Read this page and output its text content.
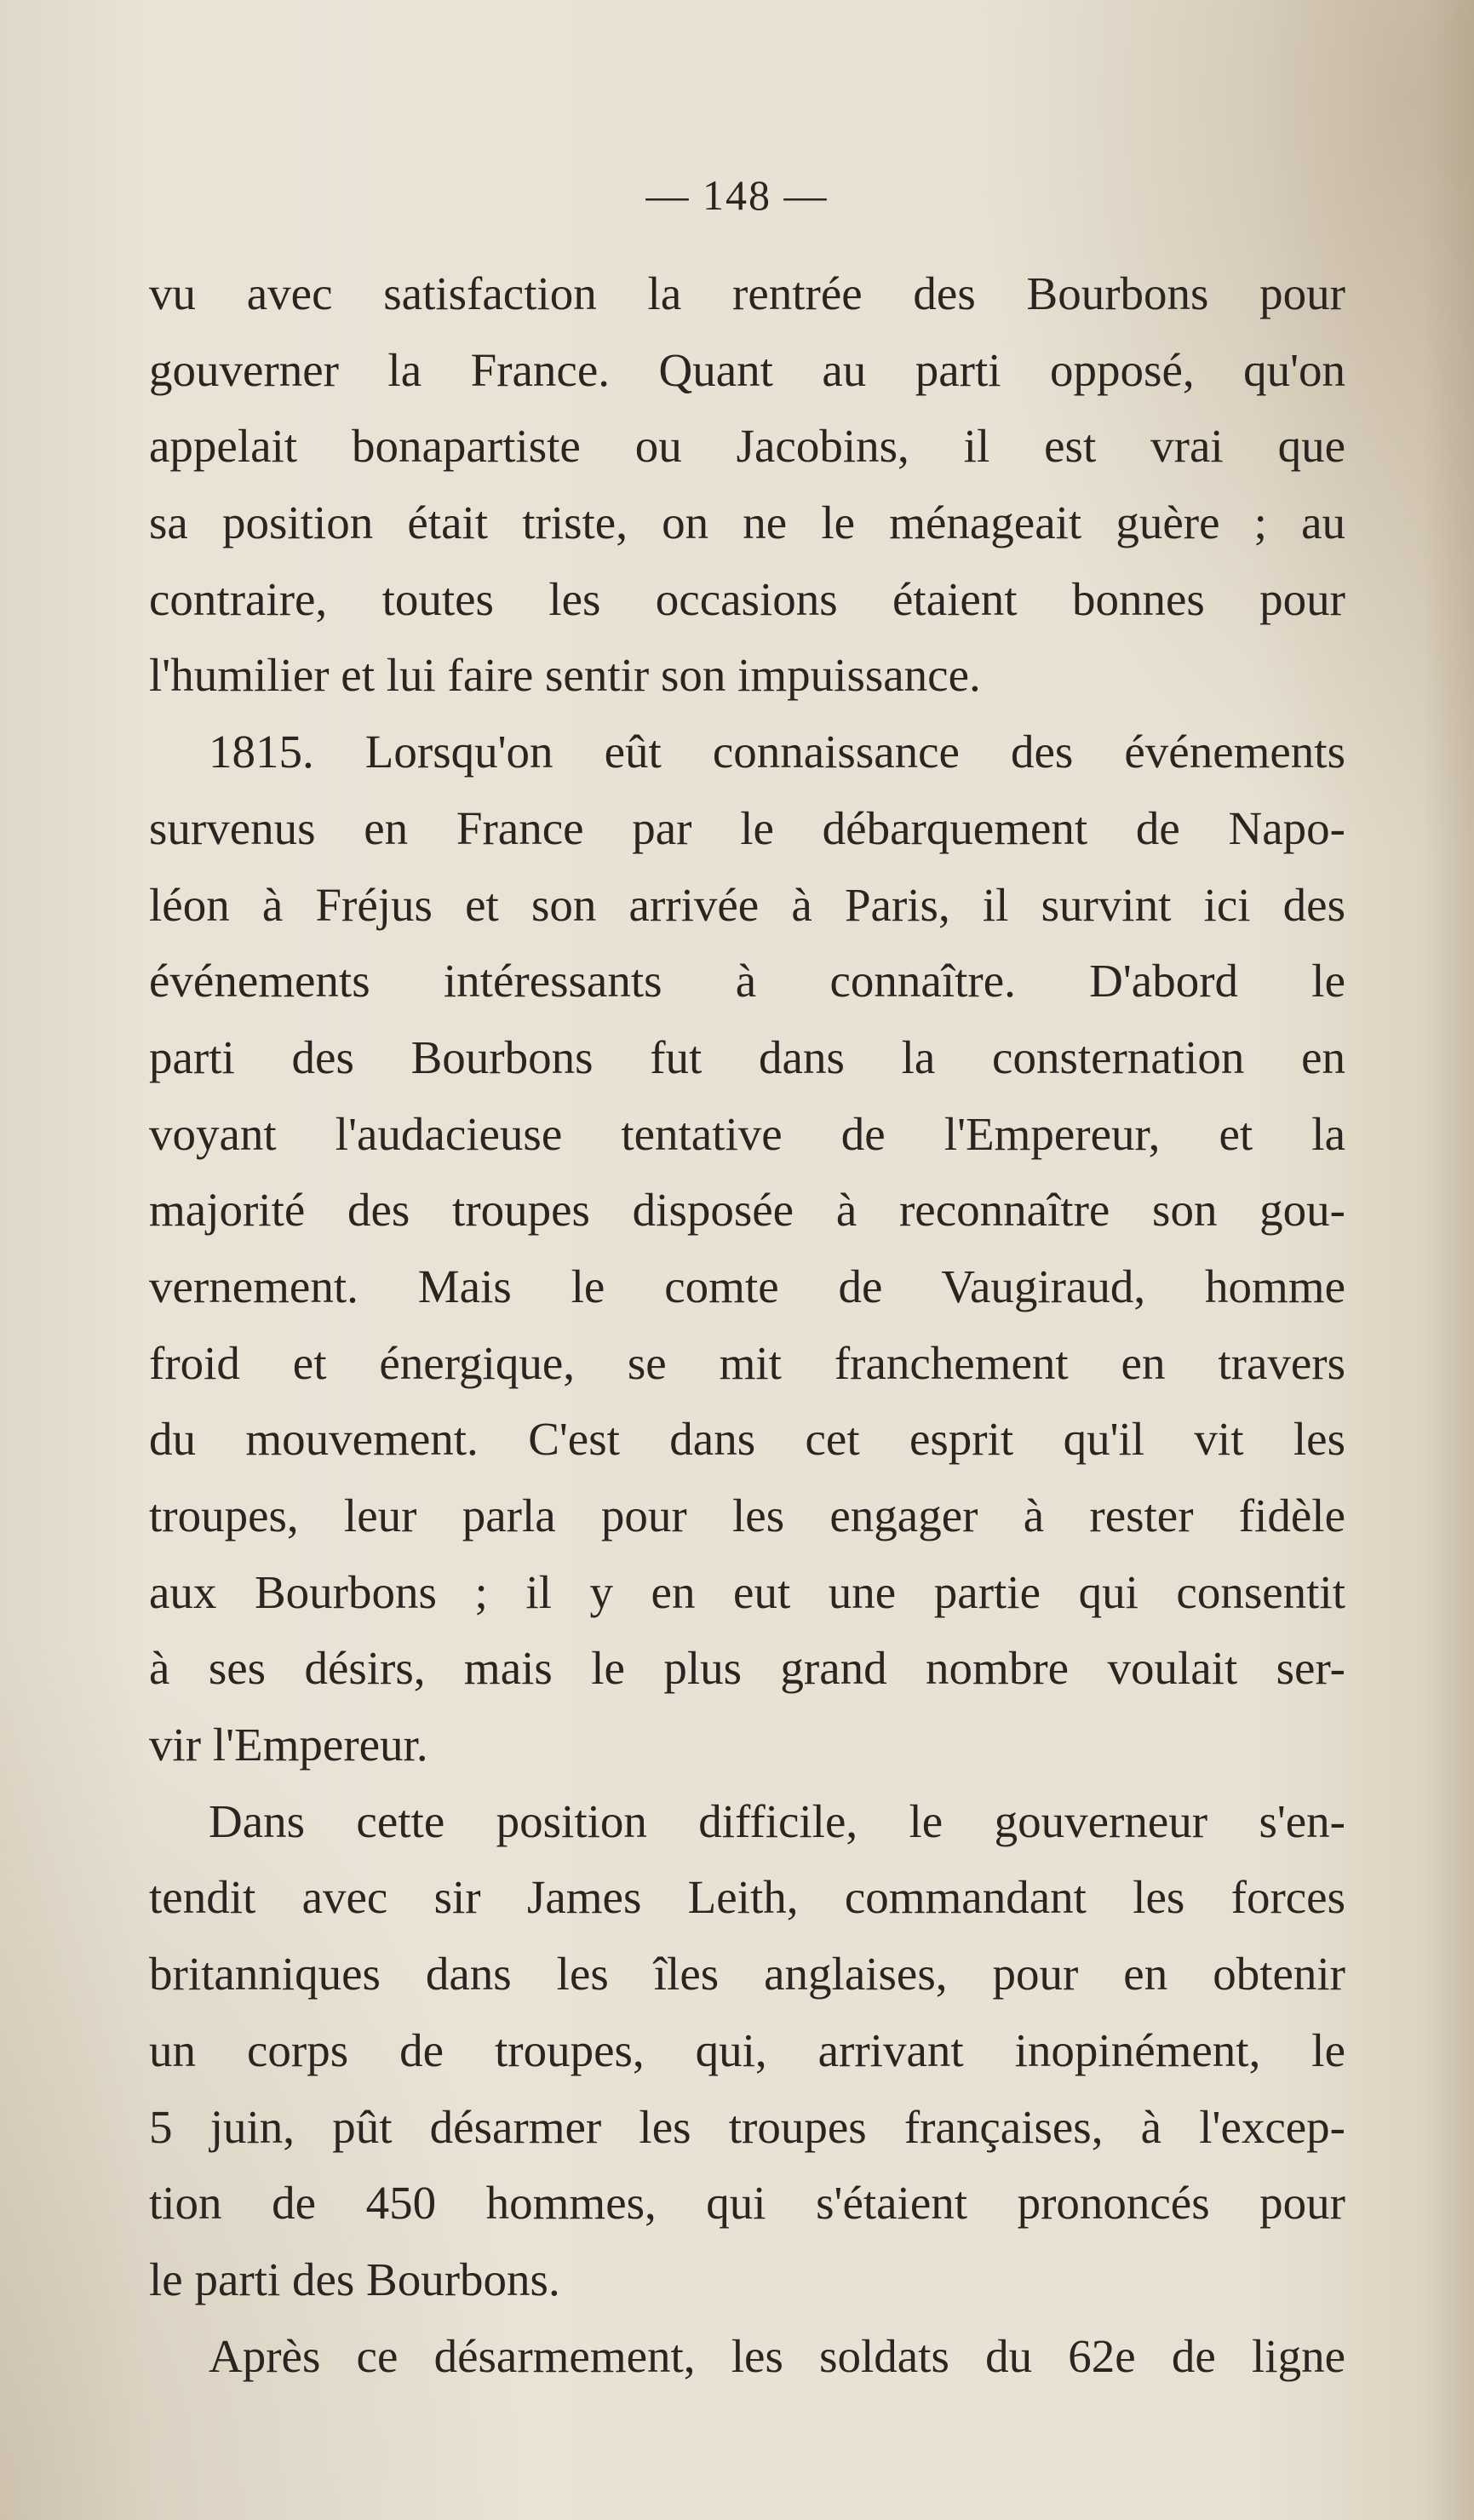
— 148 —
vu avec satisfaction la rentrée des Bourbons pour
gouverner la France. Quant au parti opposé, qu'on
appelait bonapartiste ou Jacobins, il est vrai que
sa position était triste, on ne le ménageait guère ; au
contraire, toutes les occasions étaient bonnes pour
l'humilier et lui faire sentir son impuissance.
1815. Lorsqu'on eût connaissance des événements
survenus en France par le débarquement de Napo-
léon à Fréjus et son arrivée à Paris, il survint ici des
événements intéressants à connaître. D'abord le
parti des Bourbons fut dans la consternation en
voyant l'audacieuse tentative de l'Empereur, et la
majorité des troupes disposée à reconnaître son gou-
vernement. Mais le comte de Vaugiraud, homme
froid et énergique, se mit franchement en travers
du mouvement. C'est dans cet esprit qu'il vit les
troupes, leur parla pour les engager à rester fidèle
aux Bourbons ; il y en eut une partie qui consentit
à ses désirs, mais le plus grand nombre voulait ser-
vir l'Empereur.
Dans cette position difficile, le gouverneur s'en-
tendit avec sir James Leith, commandant les forces
britanniques dans les îles anglaises, pour en obtenir
un corps de troupes, qui, arrivant inopinément, le
5 juin, pût désarmer les troupes françaises, à l'excep-
tion de 450 hommes, qui s'étaient prononcés pour
le parti des Bourbons.
Après ce désarmement, les soldats du 62e de ligne
